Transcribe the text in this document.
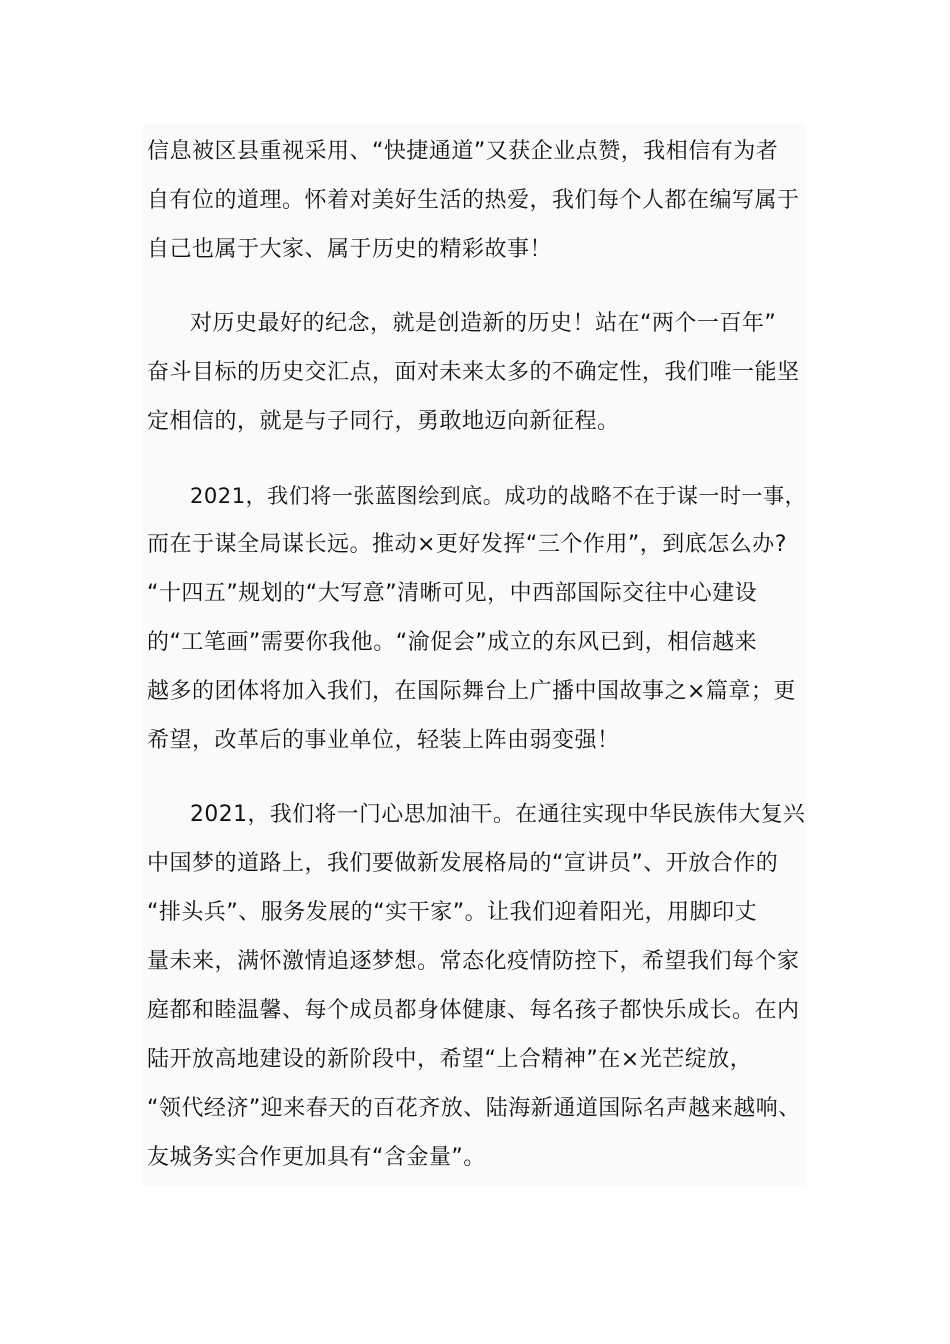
信息被区县重视采用、“快捷通道”又获企业点赞，我相信有为者
自有位的道理。怀着对美好生活的热爱，我们每个人都在编写属于
自己也属于大家、属于历史的精彩故事！
对历史最好的纪念，就是创造新的历史！站在“两个一百年”
奋斗目标的历史交汇点，面对未来太多的不确定性，我们唯一能坚
定相信的，就是与子同行，勇敢地迈向新征程。
2021，我们将一张蓝图绘到底。成功的战略不在于谋一时一事，
而在于谋全局谋长远。推动×更好发挥“三个作用”，到底怎么办?
“十四五”规划的“大写意”清晰可见，中西部国际交往中心建设
的“工笔画”需要你我他。“渝促会”成立的东风已到，相信越来
越多的团体将加入我们，在国际舞台上广播中国故事之×篇章；更
希望，改革后的事业单位，轻装上阵由弱变强！
2021，我们将一门心思加油干。在通往实现中华民族伟大复兴
中国梦的道路上，我们要做新发展格局的“宣讲员”、开放合作的
“排头兵”、服务发展的“实干家”。让我们迎着阳光，用脚印丈
量未来，满怀激情追逐梦想。常态化疫情防控下，希望我们每个家
庭都和睦温馨、每个成员都身体健康、每名孩子都快乐成长。在内
陆开放高地建设的新阶段中，希望“上合精神”在×光芒绽放，
“领代经济”迎来春天的百花齐放、陆海新通道国际名声越来越响、
友城务实合作更加具有“含金量”。
